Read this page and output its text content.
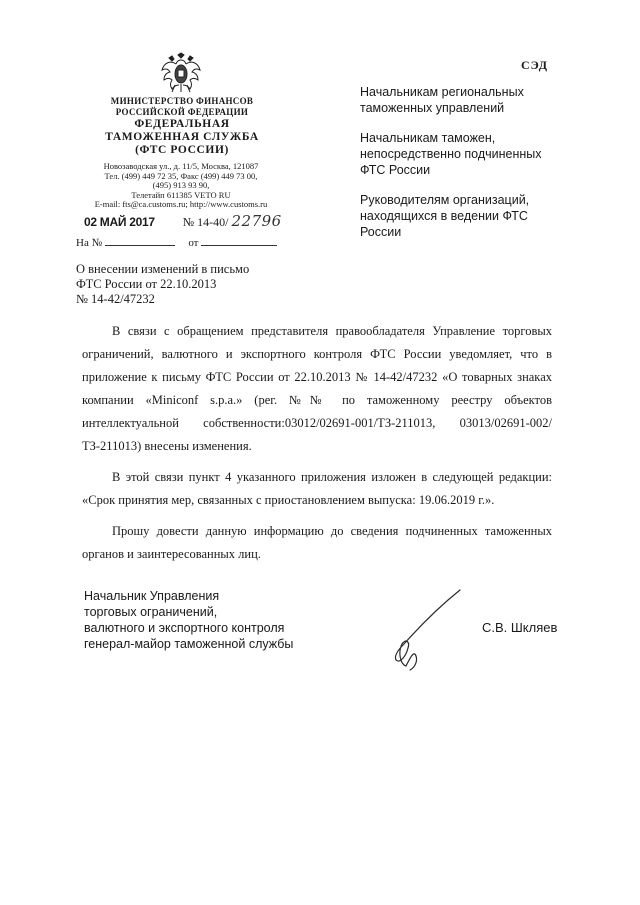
СЭД
МИНИСТЕРСТВО ФИНАНСОВ
РОССИЙСКОЙ ФЕДЕРАЦИИ
ФЕДЕРАЛЬНАЯ
ТАМОЖЕННАЯ СЛУЖБА
(ФТС РОССИИ)
Новозаводская ул., д. 11/5, Москва, 121087
Тел. (499) 449 72 35, Факс (499) 449 73 00,
(495) 913 93 90,
Телетайп 611385 VETO RU
E-mail: fts@ca.customs.ru; http://www.customs.ru
02 МАЙ 2017 № 14-40/ 22796
На №	от

Начальникам региональных таможенных управлений

Начальникам таможен, непосредственно подчиненных ФТС России

Руководителям организаций, находящихся в ведении ФТС России

О внесении изменений в письмо
ФТС России от 22.10.2013
№ 14-42/47232

В связи с обращением представителя правообладателя Управление торговых ограничений, валютного и экспортного контроля ФТС России уведомляет, что в приложение к письму ФТС России от 22.10.2013 № 14-42/47232 «О товарных знаках компании «Miniconf s.p.a.» (рег. №№ по таможенному реестру объектов интеллектуальной собственности:03012/02691-001/ТЗ-211013, 03013/02691-002/ТЗ-211013) внесены изменения.

В этой связи пункт 4 указанного приложения изложен в следующей редакции: «Срок принятия мер, связанных с приостановлением выпуска: 19.06.2019 г.».

Прошу довести данную информацию до сведения подчиненных таможенных органов и заинтересованных лиц.

Начальник Управления
торговых ограничений,
валютного и экспортного контроля
генерал-майор таможенной службы
С.В. Шкляев
